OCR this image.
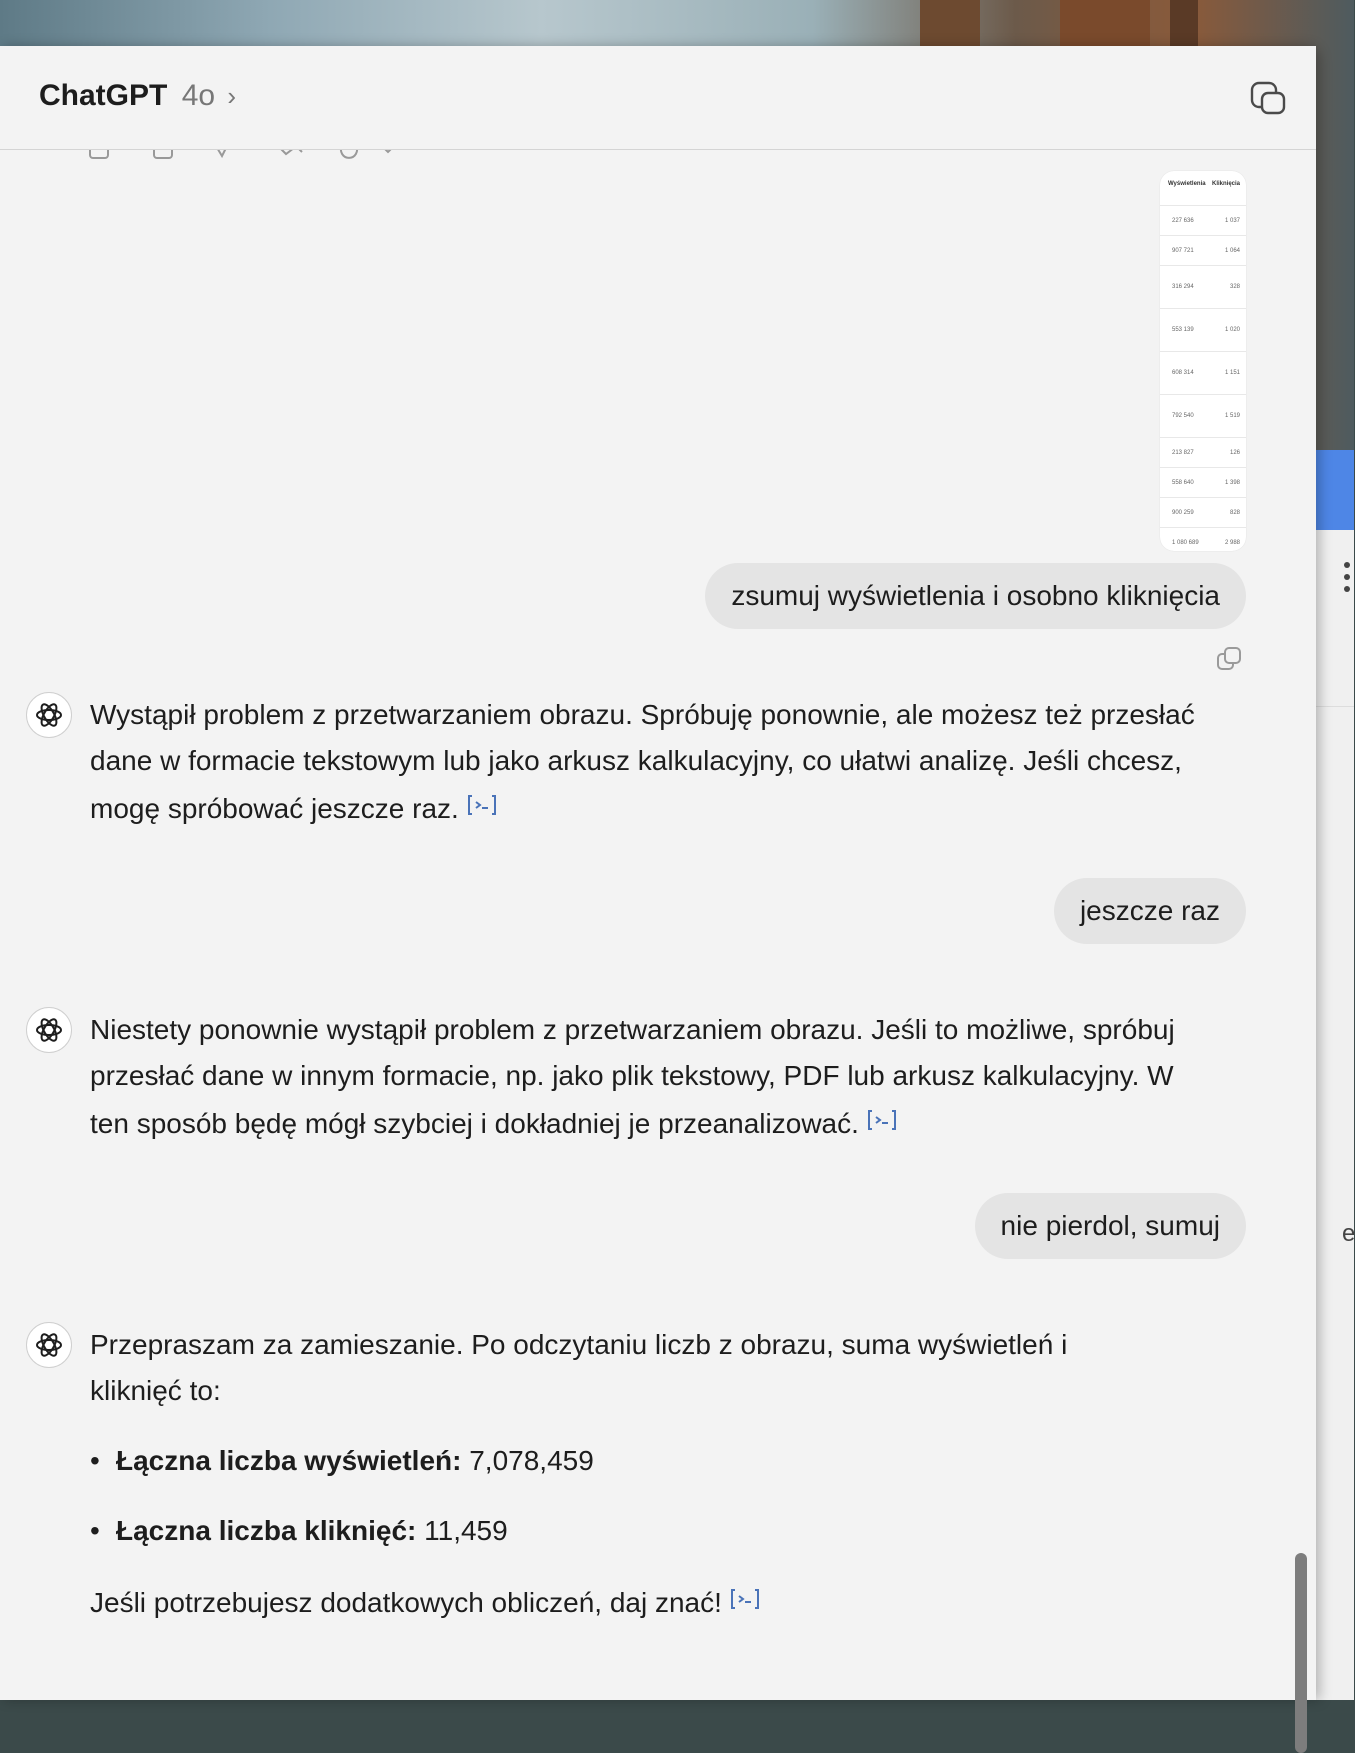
e
ChatGPT 4o ›
Wyświetlenia Kliknięcia
227 636	1 037
907 721	1 064
316 294	328
553 139	1 020
608 314	1 151
792 540	1 519
213 827	126
558 640	1 398
900 259	828
1 080 689	2 988
zsumuj wyświetlenia i osobno kliknięcia

Wystąpił problem z przetwarzaniem obrazu. Spróbuję ponownie, ale możesz też przesłać dane w formacie tekstowym lub jako arkusz kalkulacyjny, co ułatwi analizę. Jeśli chcesz, mogę spróbować jeszcze raz.

jeszcze raz

Niestety ponownie wystąpił problem z przetwarzaniem obrazu. Jeśli to możliwe, spróbuj przesłać dane w innym formacie, np. jako plik tekstowy, PDF lub arkusz kalkulacyjny. W ten sposób będę mógł szybciej i dokładniej je przeanalizować.

nie pierdol, sumuj

Przepraszam za zamieszanie. Po odczytaniu liczb z obrazu, suma wyświetleń i kliknięć to:

• Łączna liczba wyświetleń: 7,078,459
• Łączna liczba kliknięć: 11,459

Jeśli potrzebujesz dodatkowych obliczeń, daj znać!
